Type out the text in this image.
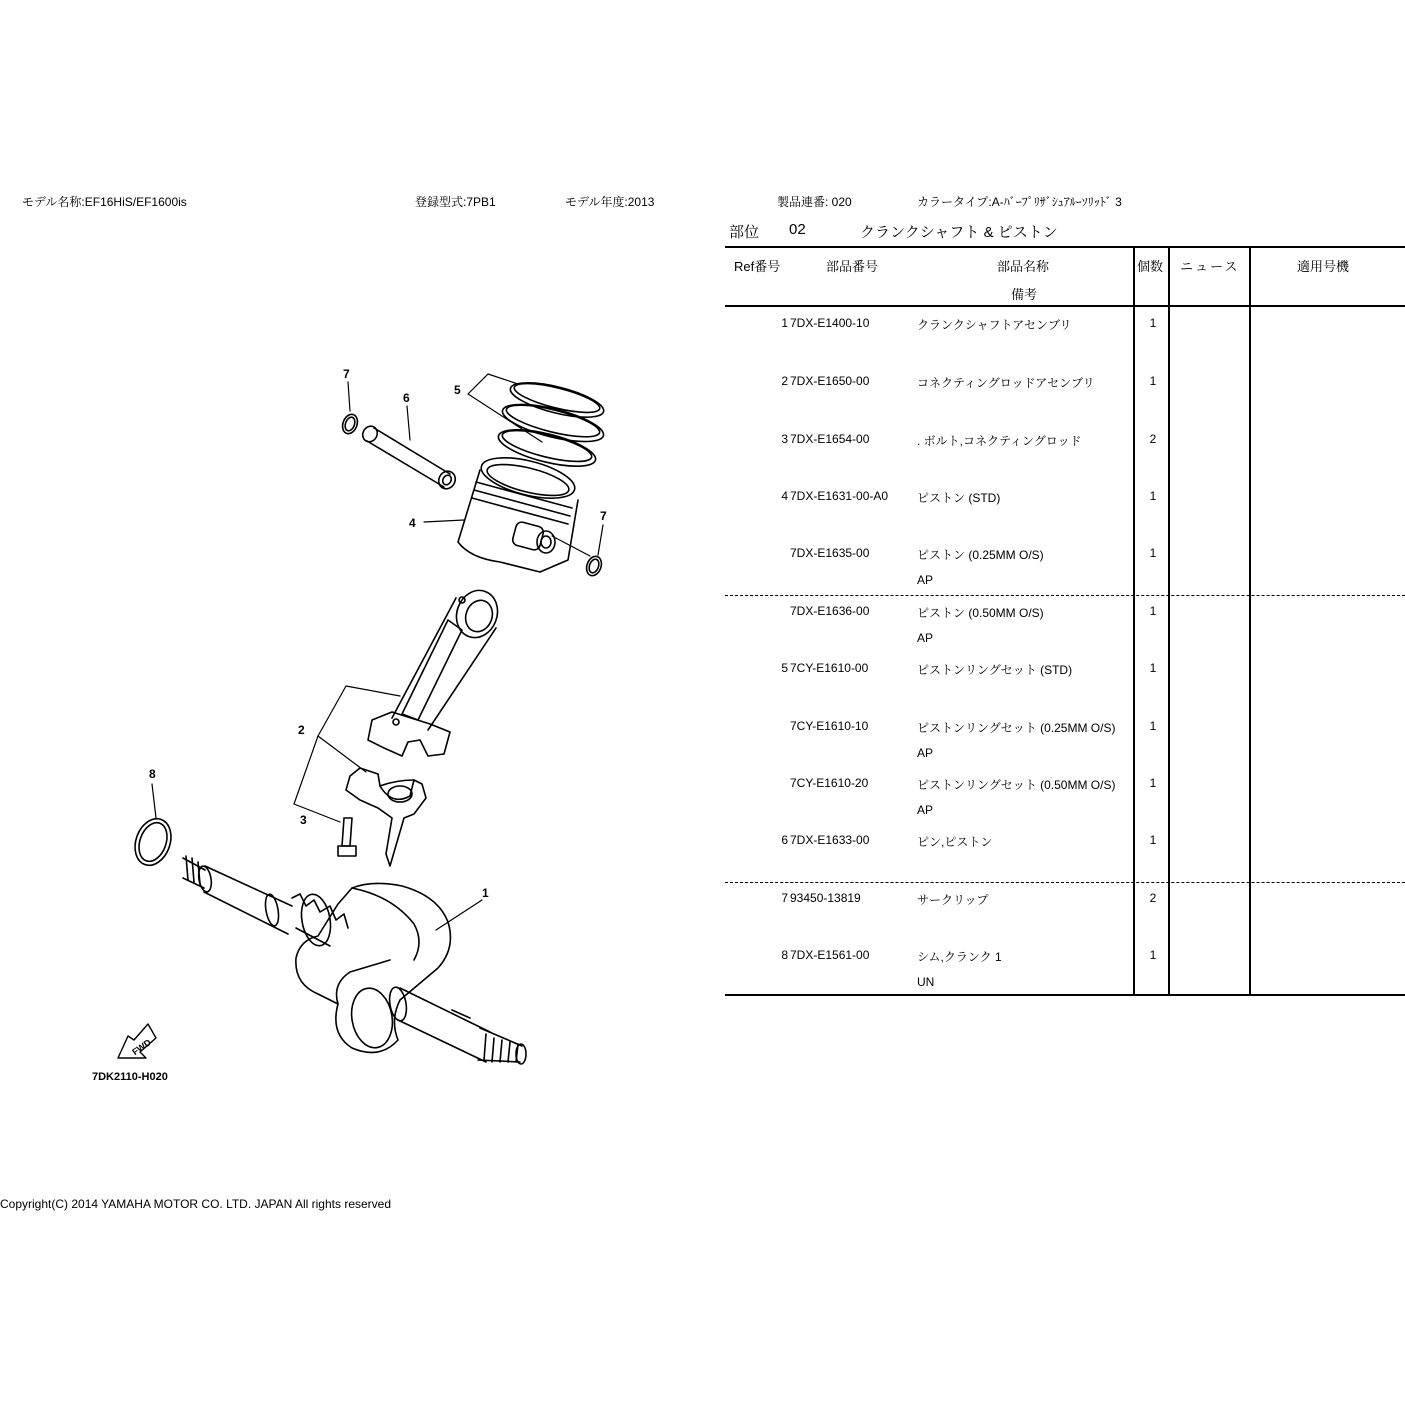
モデル名称:EF16HiS/EF1600is	登録型式:7PB1	モデル年度:2013	製品連番: 020	カラータイプ:A-ﾊﾞｰﾌﾟﾘｻﾞｼｭｱﾙｰｿﾘｯﾄﾞ 3
部位 02	クランクシャフト & ピストン
Ref番号	部品番号	部品名称
備考
個数 ニュース	適用号機
1 7DX-E1400-10	クランクシャフトアセンブリ	1
2 7DX-E1650-00	コネクティングロッドアセンブリ	1
3 7DX-E1654-00	. ボルト,コネクティングロッド	2
4 7DX-E1631-00-A0 ピストン (STD)	1
7DX-E1635-00	ピストン (0.25MM O/S)	1
AP
7DX-E1636-00	ピストン (0.50MM O/S)	1
AP
5 7CY-E1610-00	ピストンリングセット (STD)	1
7CY-E1610-10	ピストンリングセット (0.25MM O/S)	1
AP
7CY-E1610-20	ピストンリングセット (0.50MM O/S)	1
AP
6 7DX-E1633-00	ピン,ピストン	1
7 93450-13819	サークリップ	2
8 7DX-E1561-00	シム,クランク 1	1
UN
FWD
7
6
5
4	7
2
8
3
1
7DK2110-H020
Copyright(C) 2014 YAMAHA MOTOR CO. LTD. JAPAN All rights reserved
